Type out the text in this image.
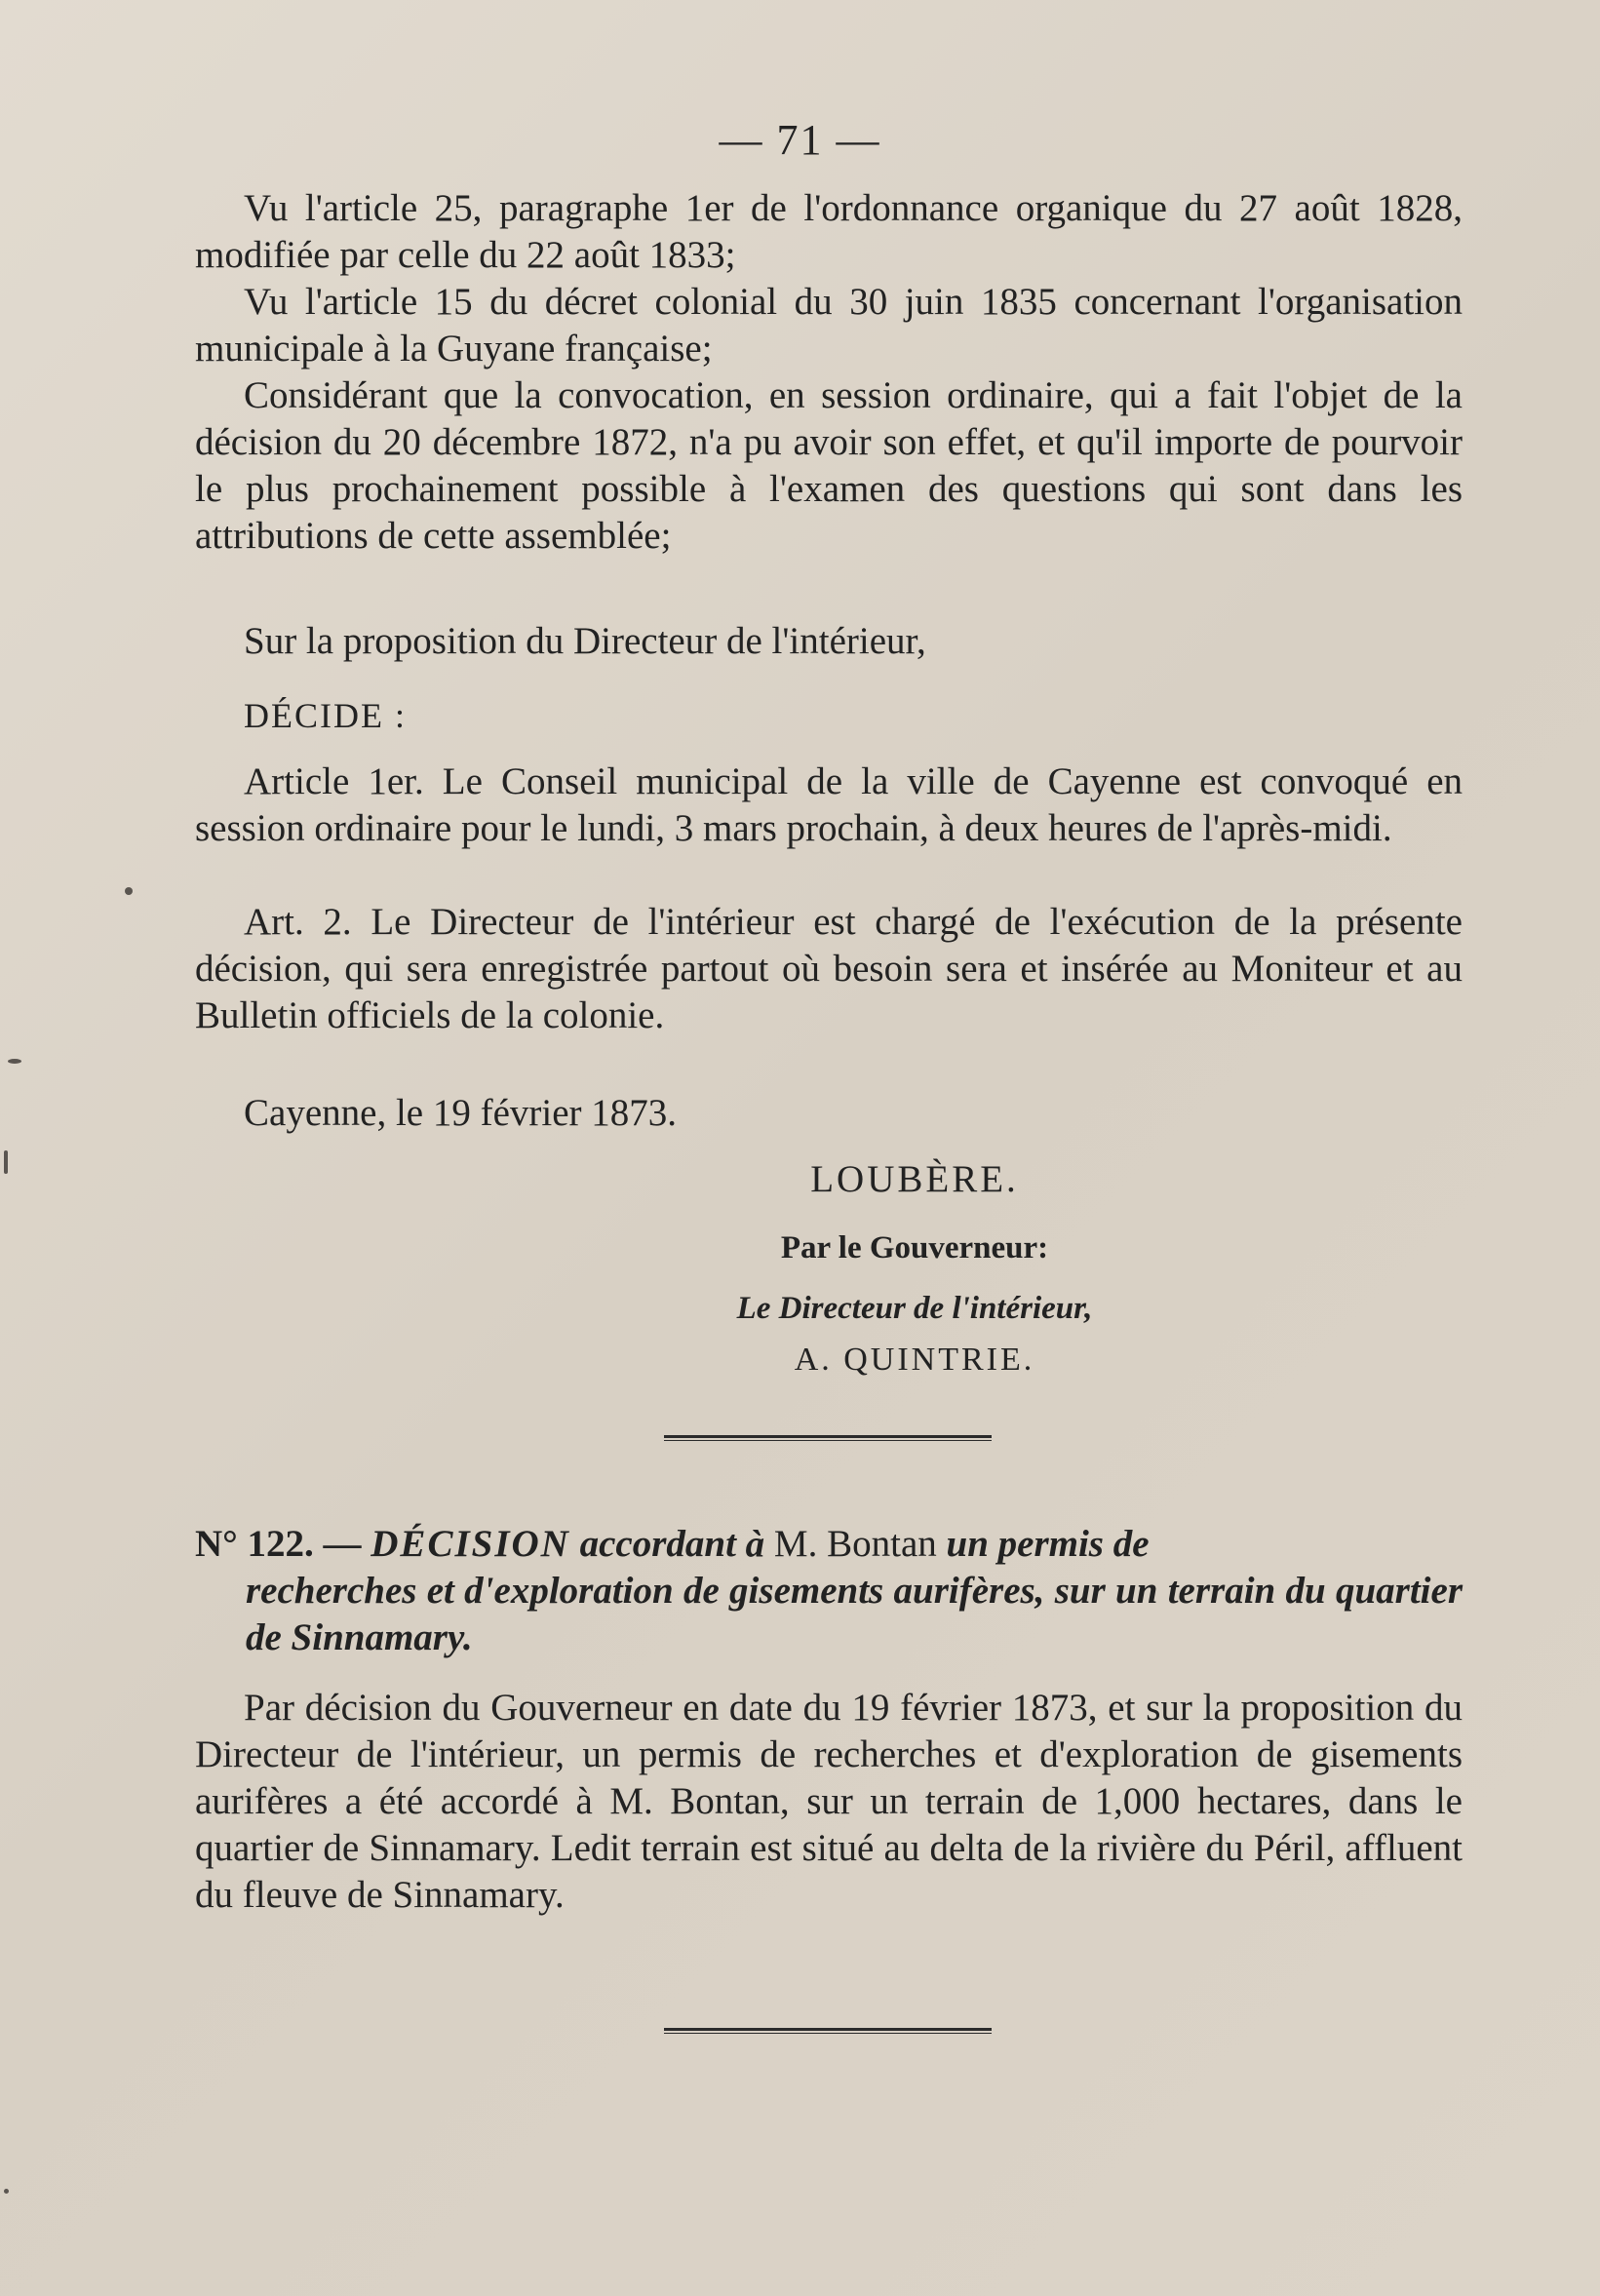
— 71 —

Vu l'article 25, paragraphe 1er de l'ordonnance organique du 27 août 1828, modifiée par celle du 22 août 1833;

Vu l'article 15 du décret colonial du 30 juin 1835 concernant l'organisation municipale à la Guyane française;

Considérant que la convocation, en session ordinaire, qui a fait l'objet de la décision du 20 décembre 1872, n'a pu avoir son effet, et qu'il importe de pourvoir le plus prochainement possible à l'examen des questions qui sont dans les attributions de cette assemblée;

Sur la proposition du Directeur de l'intérieur,

DÉCIDE :

Article 1er. Le Conseil municipal de la ville de Cayenne est convoqué en session ordinaire pour le lundi, 3 mars prochain, à deux heures de l'après-midi.

Art. 2. Le Directeur de l'intérieur est chargé de l'exécution de la présente décision, qui sera enregistrée partout où besoin sera et insérée au Moniteur et au Bulletin officiels de la colonie.

Cayenne, le 19 février 1873.

LOUBÈRE.
Par le Gouverneur:
Le Directeur de l'intérieur,
A. QUINTRIE.

N° 122. — DÉCISION accordant à M. Bontan un permis de
recherches et d'exploration de gisements aurifères, sur un terrain du quartier de Sinnamary.

Par décision du Gouverneur en date du 19 février 1873, et sur la proposition du Directeur de l'intérieur, un permis de recherches et d'exploration de gisements aurifères a été accordé à M. Bontan, sur un terrain de 1,000 hectares, dans le quartier de Sinnamary. Ledit terrain est situé au delta de la rivière du Péril, affluent du fleuve de Sinnamary.
